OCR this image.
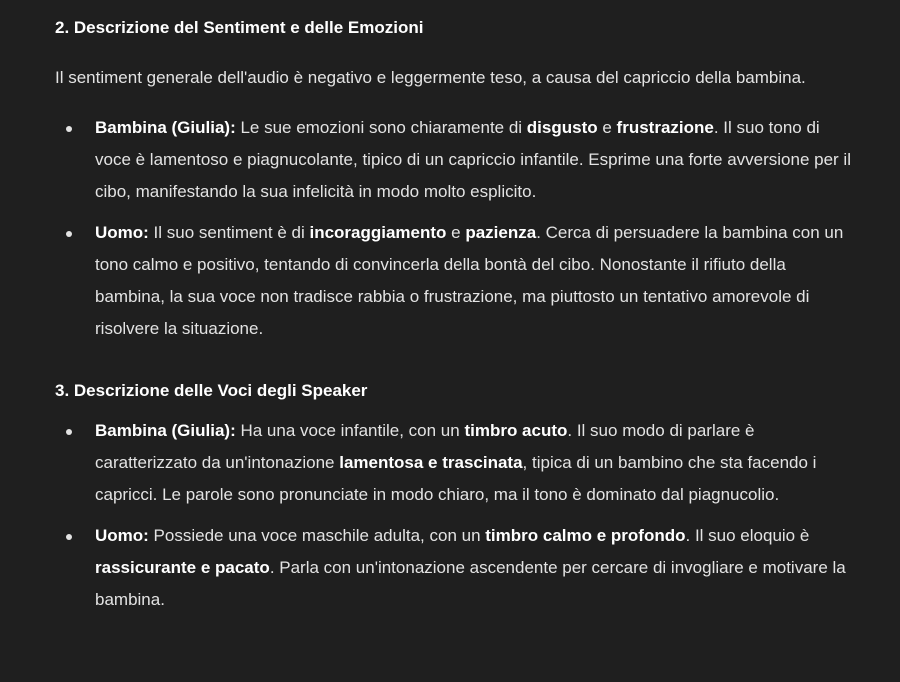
2. Descrizione del Sentiment e delle Emozioni

Il sentiment generale dell'audio è negativo e leggermente teso, a causa del capriccio della bambina.

Bambina (Giulia): Le sue emozioni sono chiaramente di disgusto e frustrazione. Il suo tono di voce è lamentoso e piagnucolante, tipico di un capriccio infantile. Esprime una forte avversione per il cibo, manifestando la sua infelicità in modo molto esplicito.
Uomo: Il suo sentiment è di incoraggiamento e pazienza. Cerca di persuadere la bambina con un tono calmo e positivo, tentando di convincerla della bontà del cibo. Nonostante il rifiuto della bambina, la sua voce non tradisce rabbia o frustrazione, ma piuttosto un tentativo amorevole di risolvere la situazione.
3. Descrizione delle Voci degli Speaker
Bambina (Giulia): Ha una voce infantile, con un timbro acuto. Il suo modo di parlare è caratterizzato da un'intonazione lamentosa e trascinata, tipica di un bambino che sta facendo i capricci. Le parole sono pronunciate in modo chiaro, ma il tono è dominato dal piagnucolio.
Uomo: Possiede una voce maschile adulta, con un timbro calmo e profondo. Il suo eloquio è rassicurante e pacato. Parla con un'intonazione ascendente per cercare di invogliare e motivare la bambina.
